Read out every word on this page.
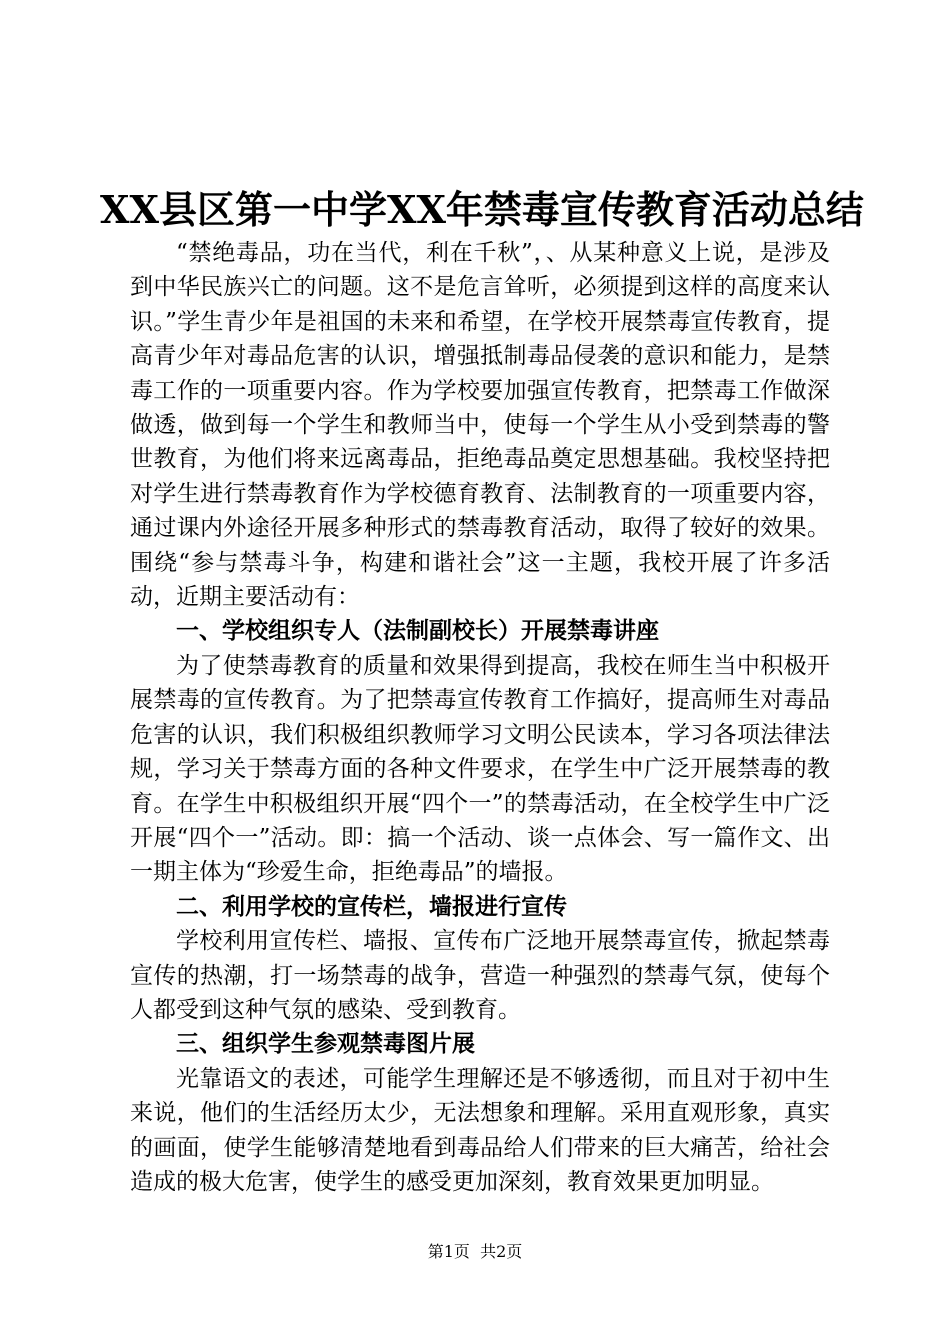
XX县区第一中学XX年禁毒宣传教育活动总结

“禁绝毒品，功在当代，利在千秋”，、从某种意义上说，是涉及到中华民族兴亡的问题。这不是危言耸听，必须提到这样的高度来认识。”学生青少年是祖国的未来和希望，在学校开展禁毒宣传教育，提高青少年对毒品危害的认识，增强抵制毒品侵袭的意识和能力，是禁毒工作的一项重要内容。作为学校要加强宣传教育，把禁毒工作做深做透，做到每一个学生和教师当中，使每一个学生从小受到禁毒的警世教育，为他们将来远离毒品，拒绝毒品奠定思想基础。我校坚持把对学生进行禁毒教育作为学校德育教育、法制教育的一项重要内容，通过课内外途径开展多种形式的禁毒教育活动，取得了较好的效果。围绕“参与禁毒斗争，构建和谐社会”这一主题，我校开展了许多活动，近期主要活动有：

一、学校组织专人（法制副校长）开展禁毒讲座

为了使禁毒教育的质量和效果得到提高，我校在师生当中积极开展禁毒的宣传教育。为了把禁毒宣传教育工作搞好，提高师生对毒品危害的认识，我们积极组织教师学习文明公民读本，学习各项法律法规，学习关于禁毒方面的各种文件要求，在学生中广泛开展禁毒的教育。在学生中积极组织开展“四个一”的禁毒活动，在全校学生中广泛开展“四个一”活动。即：搞一个活动、谈一点体会、写一篇作文、出一期主体为“珍爱生命，拒绝毒品”的墙报。

二、利用学校的宣传栏，墙报进行宣传

学校利用宣传栏、墙报、宣传布广泛地开展禁毒宣传，掀起禁毒宣传的热潮，打一场禁毒的战争，营造一种强烈的禁毒气氛，使每个人都受到这种气氛的感染、受到教育。

三、组织学生参观禁毒图片展

光靠语文的表述，可能学生理解还是不够透彻，而且对于初中生来说，他们的生活经历太少，无法想象和理解。采用直观形象，真实的画面，使学生能够清楚地看到毒品给人们带来的巨大痛苦，给社会造成的极大危害，使学生的感受更加深刻，教育效果更加明显。

第1页  共2页
